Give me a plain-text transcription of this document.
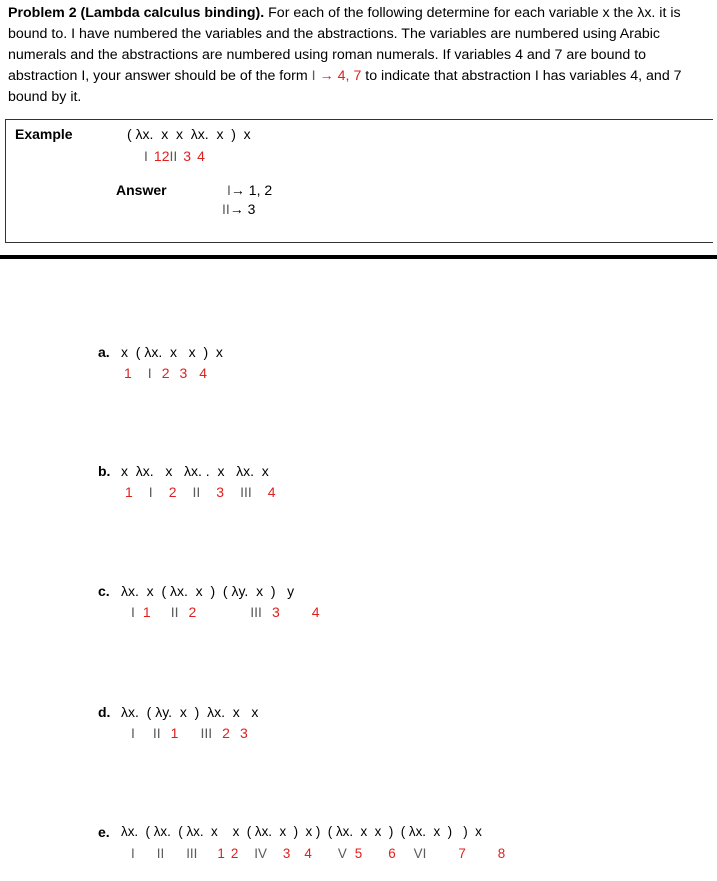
Problem 2 (Lambda calculus binding). For each of the following determine for each variable x the λx. it is bound to. I have numbered the variables and the abstractions. The variables are numbered using Arabic numerals and the abstractions are numbered using roman numerals. If variables 4 and 7 are bound to abstraction I, your answer should be of the form I → 4, 7 to indicate that abstraction I has variables 4, and 7 bound by it.
Example	( λx.  x  x  λx.  x  )  x
I 12II 3 4
Answer	I→ 1, 2
II→ 3
a. x  ( λx.  x   x  )  x
1 I 2 3 4
b. x  λx.   x   λx. .  x   λx.  x
1 I 2 II 3 III 4
c. λx.  x  ( λx.  x  )  ( λy.  x  )   y
I 1 II 2	III 3 4
d. λx.  ( λy.  x  )  λx.  x   x
I II 1 III 2 3
e. λx.  ( λx.  ( λx.  x    x  ( λx.  x  )  x )  ( λx.  x  x  )  ( λx.  x  )   )  x
I II III 1 2 IV 3 4 V 5 6 VI 7 8
